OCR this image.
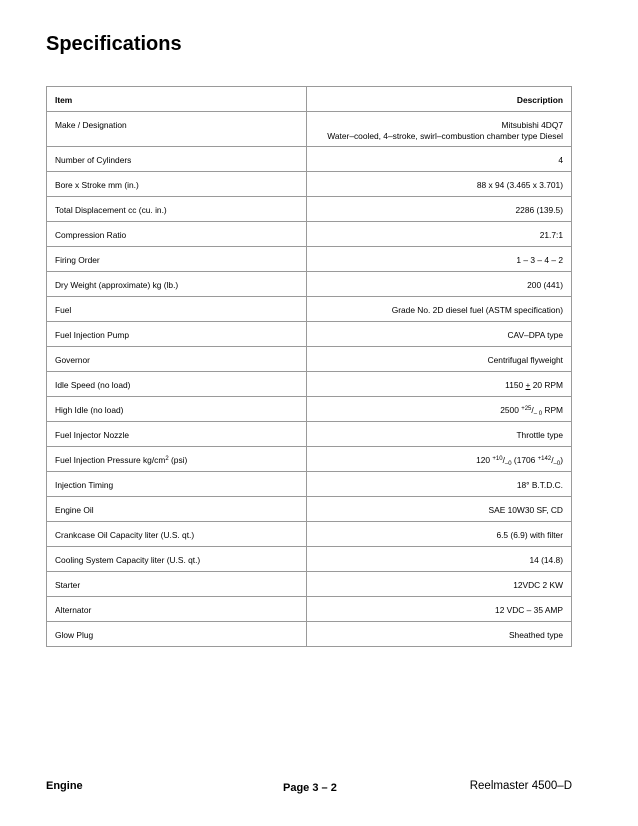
Specifications
Item	Description
Make / Designation	Mitsubishi 4DQ7
Water–cooled, 4–stroke, swirl–combustion chamber type Diesel

Number of Cylinders	4
Bore x Stroke mm (in.)	88 x 94 (3.465 x 3.701)
Total Displacement cc (cu. in.)	2286 (139.5)
Compression Ratio	21.7:1
Firing Order	1 – 3 – 4 – 2
Dry Weight (approximate) kg (lb.)	200 (441)
Fuel	Grade No. 2D diesel fuel (ASTM specification)
Fuel Injection Pump	CAV–DPA type
Governor	Centrifugal flyweight
Idle Speed (no load)	1150 + 20 RPM
High Idle (no load)	2500 $^{+25}/_{- 0}$ RPM
Fuel Injector Nozzle	Throttle type
Fuel Injection Pressure $kg/cm^2$ (psi)	120 $^{+10}/_{-0}$ (1706 $^{+142}/_{-0}$)
Injection Timing	18° B.T.D.C.
Engine Oil	SAE 10W30 SF, CD
Crankcase Oil Capacity liter (U.S. qt.)	6.5 (6.9) with filter
Cooling System Capacity liter (U.S. qt.)	14 (14.8)
Starter	12VDC 2 KW
Alternator	12 VDC – 35 AMP
Glow Plug	Sheathed type
Engine	Page 3 – 2	Reelmaster 4500–D
